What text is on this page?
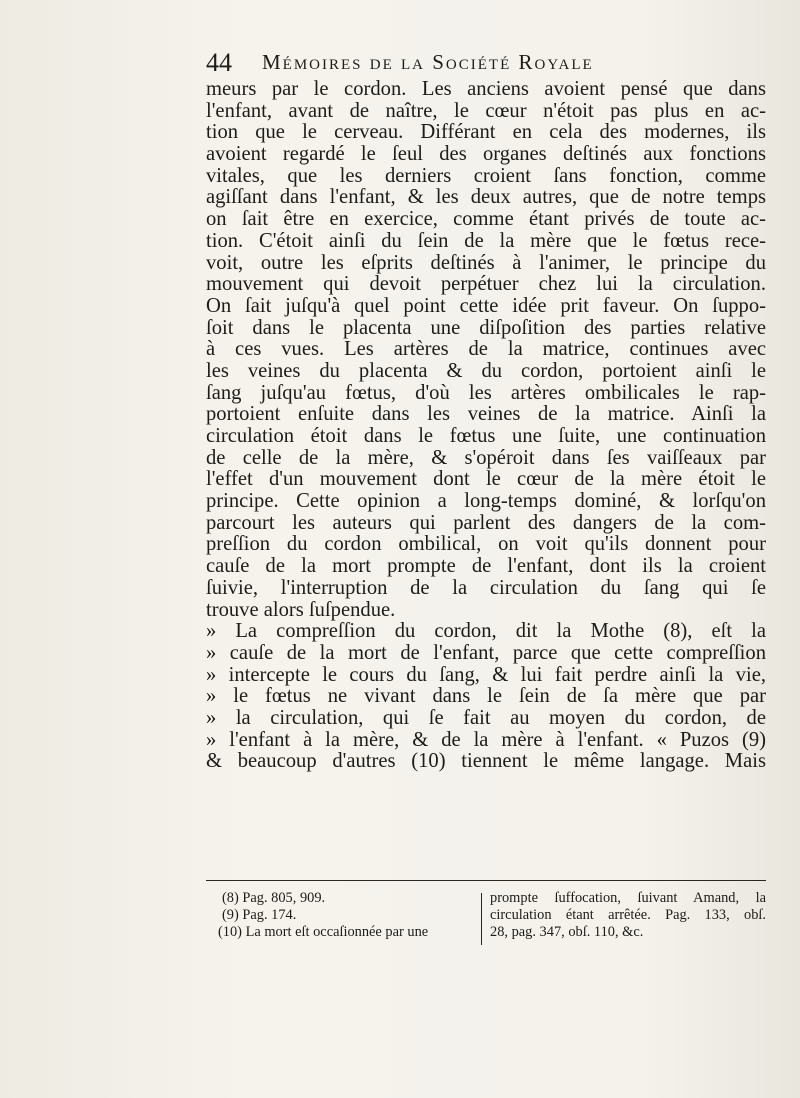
44 Mémoires de la Société Royale
meurs par le cordon. Les anciens avoient pensé que dans
l'enfant, avant de naître, le cœur n'étoit pas plus en ac-
tion que le cerveau. Différant en cela des modernes, ils
avoient regardé le ſeul des organes deſtinés aux fonctions
vitales, que les derniers croient ſans fonction, comme
agiſſant dans l'enfant, & les deux autres, que de notre temps
on ſait être en exercice, comme étant privés de toute ac-
tion. C'étoit ainſi du ſein de la mère que le fœtus rece-
voit, outre les eſprits deſtinés à l'animer, le principe du
mouvement qui devoit perpétuer chez lui la circulation.
On ſait juſqu'à quel point cette idée prit faveur. On ſuppo-
ſoit dans le placenta une diſpoſition des parties relative
à ces vues. Les artères de la matrice, continues avec
les veines du placenta & du cordon, portoient ainſi le
ſang juſqu'au fœtus, d'où les artères ombilicales le rap-
portoient enſuite dans les veines de la matrice. Ainſi la
circulation étoit dans le fœtus une ſuite, une continuation
de celle de la mère, & s'opéroit dans ſes vaiſſeaux par
l'effet d'un mouvement dont le cœur de la mère étoit le
principe. Cette opinion a long-temps dominé, & lorſqu'on
parcourt les auteurs qui parlent des dangers de la com-
preſſion du cordon ombilical, on voit qu'ils donnent pour
cauſe de la mort prompte de l'enfant, dont ils la croient
ſuivie, l'interruption de la circulation du ſang qui ſe
trouve alors ſuſpendue.
» La compreſſion du cordon, dit la Mothe (8), eſt la
» cauſe de la mort de l'enfant, parce que cette compreſſion
» intercepte le cours du ſang, & lui fait perdre ainſi la vie,
» le fœtus ne vivant dans le ſein de ſa mère que par
» la circulation, qui ſe fait au moyen du cordon, de
» l'enfant à la mère, & de la mère à l'enfant. « Puzos (9)
& beaucoup d'autres (10) tiennent le même langage. Mais
(8) Pag. 805, 909.
(9) Pag. 174.
(10) La mort eſt occaſionnée par une
prompte ſuffocation, ſuivant Amand, la
circulation étant arrêtée. Pag. 133, obſ.
28, pag. 347, obſ. 110, &c.
